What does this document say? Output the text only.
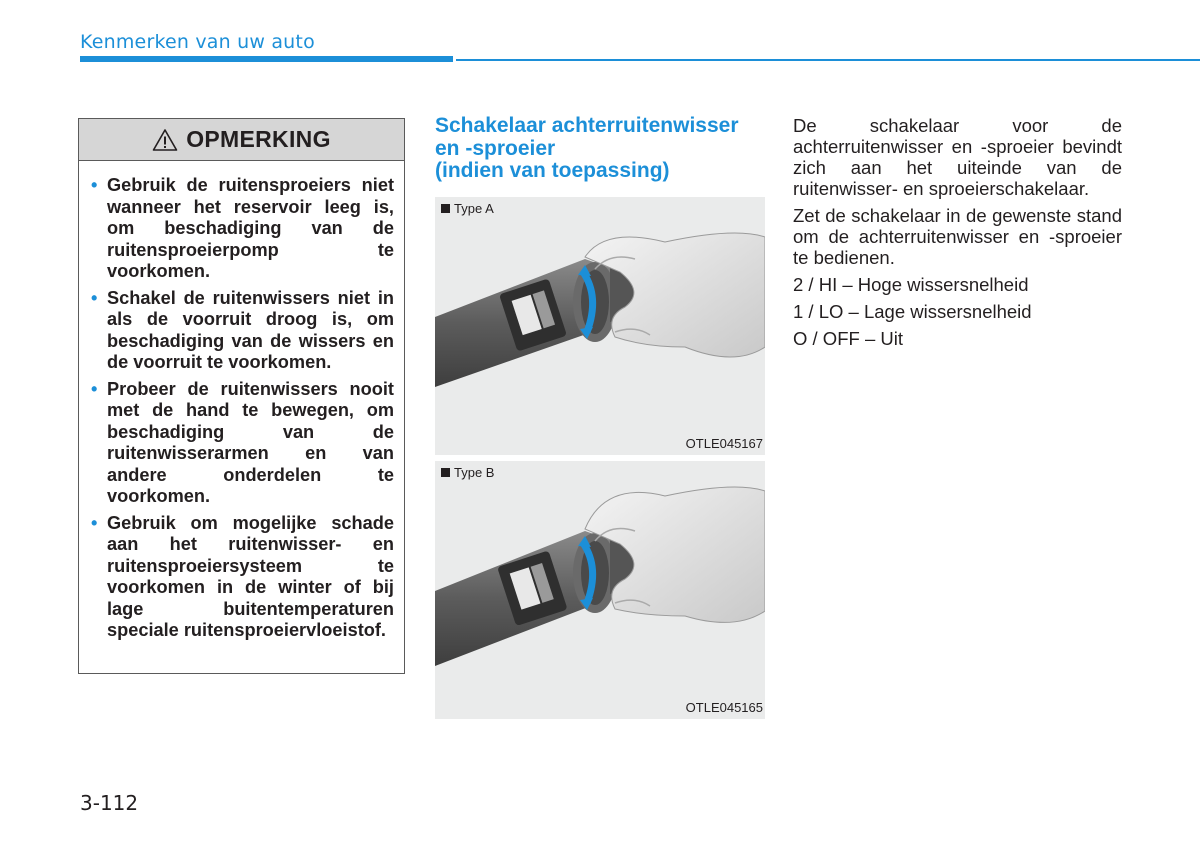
Kenmerken van uw auto
OPMERKING
• Gebruik de ruitensproeiers niet wanneer het reservoir leeg is, om beschadiging van de ruitensproeierpomp te voorkomen.
• Schakel de ruitenwissers niet in als de voorruit droog is, om beschadiging van de wissers en de voorruit te voorkomen.
• Probeer de ruitenwissers nooit met de hand te bewegen, om beschadiging van de ruitenwisserarmen en van andere onderdelen te voorkomen.
• Gebruik om mogelijke schade aan het ruitenwisser- en ruitensproeiersysteem te voorkomen in de winter of bij lage buitentemperaturen speciale ruitensproeiervloeistof.
Schakelaar achterruitenwisser
en -sproeier
(indien van toepassing)
Type A
OTLE045167
Type B
OTLE045165

De schakelaar voor de achterruitenwisser en -sproeier bevindt zich aan het uiteinde van de ruitenwisser- en sproeierschakelaar.

Zet de schakelaar in de gewenste stand om de achterruitenwisser en -sproeier te bedienen.

2 / HI – Hoge wissersnelheid

1 / LO – Lage wissersnelheid

O / OFF – Uit

3-112
